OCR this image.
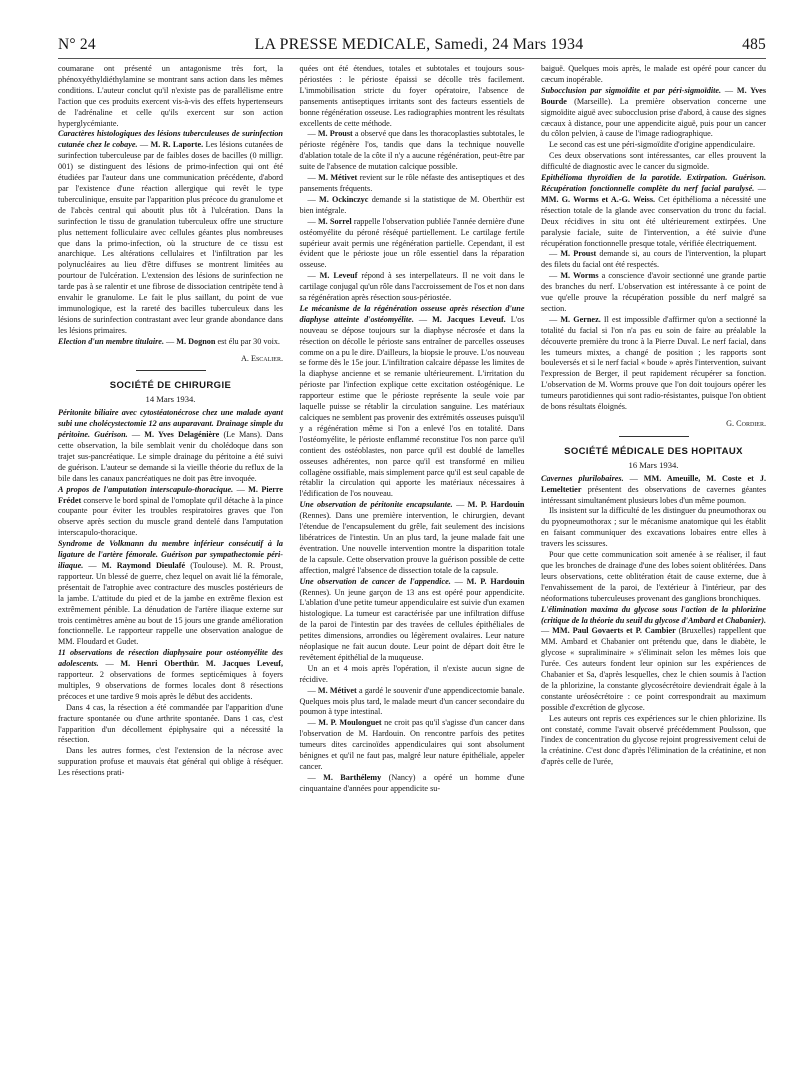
N° 24	LA PRESSE MEDICALE, Samedi, 24 Mars 1934	485

coumarane ont présenté un antagonisme très fort, la phénoxyéthyldiéthylamine se montrant sans action dans les mêmes conditions. L'auteur conclut qu'il n'existe pas de parallélisme entre l'action que ces produits exercent vis-à-vis des effets hypertenseurs de l'adrénaline et celle qu'ils exercent sur son action hyperglycémiante.

Caractères histologiques des lésions tuberculeuses de surinfection cutanée chez le cobaye. — M. R. Laporte. Les lésions cutanées de surinfection tuberculeuse par de faibles doses de bacilles (0 milligr. 001) se distinguent des lésions de primo-infection qui ont été étudiées par l'auteur dans une communication précédente, d'abord par l'existence d'une réaction allergique qui revêt le type tuberculinique, ensuite par l'apparition plus précoce du granulome et de l'abcès central qui aboutit plus tôt à l'ulcération. Dans la surinfection le tissu de granulation tuberculeux offre une structure plus nettement folliculaire avec cellules géantes plus nombreuses que dans la primo-infection, où la structure de ce tissu est anarchique. Les altérations cellulaires et l'infiltration par les polynucléaires au lieu d'être diffuses se montrent limitées au pourtour de l'ulcération. L'extension des lésions de surinfection ne tarde pas à se ralentir et une fibrose de dissociation centripète tend à envahir le granulome. Le fait le plus saillant, du point de vue immunologique, est la rareté des bacilles tuberculeux dans les lésions de surinfection contrastant avec leur grande abondance dans les lésions primaires.

Election d'un membre titulaire. — M. Dognon est élu par 30 voix.

A. Escalier.

SOCIÉTÉ DE CHIRURGIE
14 Mars 1934.

Péritonite biliaire avec cytostéatonécrose chez une malade ayant subi une cholécystectomie 12 ans auparavant. Drainage simple du péritoine. Guérison. — M. Yves Delagénière (Le Mans). Dans cette observation, la bile semblait venir du cholédoque dans son trajet sus-pancréatique. Le simple drainage du péritoine a été suivi de guérison. L'auteur se demande si la vieille théorie du reflux de la bile dans les canaux pancréatiques ne doit pas être invoquée.

A propos de l'amputation interscapulo-thoracique. — M. Pierre Frédet conserve le bord spinal de l'omoplate qu'il détache à la pince coupante pour éviter les troubles respiratoires graves que l'on observe après section du muscle grand dentelé dans l'amputation interscapulo-thoracique.

Syndrome de Volkmann du membre inférieur consécutif à la ligature de l'artère fémorale. Guérison par sympathectomie péri-iliaque. — M. Raymond Dieulafé (Toulouse). M. R. Proust, rapporteur. Un blessé de guerre, chez lequel on avait lié la fémorale, présentait de l'atrophie avec contracture des muscles postérieurs de la jambe. L'attitude du pied et de la jambe en extrême flexion est extrêmement pénible. La dénudation de l'artère iliaque externe sur trois centimètres amène au bout de 15 jours une grande amélioration fonctionnelle. Le rapporteur rappelle une observation analogue de MM. Floudard et Gudet.

11 observations de résection diaphysaire pour ostéomyélite des adolescents. — M. Henri Oberthür. M. Jacques Leveuf, rapporteur. 2 observations de formes septicémiques à foyers multiples, 9 observations de formes locales dont 8 résections précoces et une tardive 9 mois après le début des accidents.

Dans 4 cas, la résection a été commandée par l'apparition d'une fracture spontanée ou d'une arthrite spontanée. Dans 1 cas, c'est l'apparition d'un décollement épiphysaire qui a nécessité la résection.

Dans les autres formes, c'est l'extension de la nécrose avec suppuration profuse et mauvais état général qui oblige à réséquer. Les résections prati-

quées ont été étendues, totales et subtotales et toujours sous-périostées : le périoste épaissi se décolle très facilement. L'immobilisation stricte du foyer opératoire, l'absence de pansements antiseptiques irritants sont des facteurs essentiels de bonne régénération osseuse. Les radiographies montrent les résultats excellents de cette méthode.

— M. Proust a observé que dans les thoracoplasties subtotales, le périoste régénère l'os, tandis que dans la technique nouvelle d'ablation totale de la côte il n'y a aucune régénération, peut-être par suite de l'absence de mutation calcique possible.

— M. Métivet revient sur le rôle néfaste des antiseptiques et des pansements fréquents.

— M. Ockinczyc demande si la statistique de M. Oberthür est bien intégrale.

— M. Sorrel rappelle l'observation publiée l'année dernière d'une ostéomyélite du péroné réséqué partiellement. Le cartilage fertile supérieur avait permis une régénération partielle. Cependant, il est évident que le périoste joue un rôle essentiel dans la réparation osseuse.

— M. Leveuf répond à ses interpellateurs. Il ne voit dans le cartilage conjugal qu'un rôle dans l'accroissement de l'os et non dans sa régénération après résection sous-périostée.

Le mécanisme de la régénération osseuse après résection d'une diaphyse atteinte d'ostéomyélite. — M. Jacques Leveuf. L'os nouveau se dépose toujours sur la diaphyse nécrosée et dans la résection on décolle le périoste sans entraîner de parcelles osseuses comme on a pu le dire. D'ailleurs, la biopsie le prouve. L'os nouveau se forme dès le 15e jour. L'infiltration calcaire dépasse les limites de la diaphyse ancienne et se remanie ultérieurement. L'irritation du périoste par l'infection explique cette excitation ostéogénique. Le rapporteur estime que le périoste représente la seule voie par laquelle puisse se rétablir la circulation sanguine. Les matériaux calciques ne semblent pas provenir des extrémités osseuses puisqu'il y a régénération même si l'on a enlevé l'os en totalité. Dans l'ostéomyélite, le périoste enflammé reconstitue l'os non parce qu'il contient des ostéoblastes, non parce qu'il est doublé de lamelles osseuses adhérentes, non parce qu'il est transformé en milieu collagène ossifiable, mais simplement parce qu'il est seul capable de rétablir la circulation qui apporte les matériaux nécessaires à l'édification de l'os nouveau.

Une observation de péritonite encapsulante. — M. P. Hardouin (Rennes). Dans une première intervention, le chirurgien, devant l'étendue de l'encapsulement du grêle, fait seulement des incisions libératrices de l'intestin. Un an plus tard, la jeune malade fait une éventration. Une nouvelle intervention montre la disparition totale de la capsule. Cette observation prouve la guérison possible de cette affection, malgré l'absence de dissection totale de la capsule.

Une observation de cancer de l'appendice. — M. P. Hardouin (Rennes). Un jeune garçon de 13 ans est opéré pour appendicite. L'ablation d'une petite tumeur appendiculaire est suivie d'un examen histologique. La tumeur est caractérisée par une infiltration diffuse de la paroi de l'intestin par des travées de cellules épithéliales de petites dimensions, arrondies ou légèrement ovalaires. Leur nature néoplasique ne fait aucun doute. Leur point de départ doit être le revêtement épithélial de la muqueuse.

Un an et 4 mois après l'opération, il n'existe aucun signe de récidive.

— M. Métivet a gardé le souvenir d'une appendicectomie banale. Quelques mois plus tard, le malade meurt d'un cancer secondaire du poumon à type intestinal.

— M. P. Moulonguet ne croit pas qu'il s'agisse d'un cancer dans l'observation de M. Hardouin. On rencontre parfois des petites tumeurs dites carcinoïdes appendiculaires qui sont absolument bénignes et qu'il ne faut pas, malgré leur nature épithéliale, appeler cancer.

— M. Barthélemy (Nancy) a opéré un homme d'une cinquantaine d'années pour appendicite su-

baiguë. Quelques mois après, le malade est opéré pour cancer du cæcum inopérable.

Subocclusion par sigmoïdite et par péri-sigmoïdite. — M. Yves Bourde (Marseille). La première observation concerne une sigmoïdite aiguë avec subocclusion prise d'abord, à cause des signes cæcaux à distance, pour une appendicite aiguë, puis pour un cancer du côlon pelvien, à cause de l'image radiographique.

Le second cas est une péri-sigmoïdite d'origine appendiculaire.

Ces deux observations sont intéressantes, car elles prouvent la difficulté de diagnostic avec le cancer du sigmoïde.

Epithélioma thyroïdien de la parotide. Extirpation. Guérison. Récupération fonctionnelle complète du nerf facial paralysé. — MM. G. Worms et A.-G. Weiss. Cet épithélioma a nécessité une résection totale de la glande avec conservation du tronc du facial. Deux récidives in situ ont été ultérieurement extirpées. Une paralysie faciale, suite de l'intervention, a été suivie d'une récupération fonctionnelle presque totale, vérifiée électriquement.

— M. Proust demande si, au cours de l'intervention, la plupart des filets du facial ont été respectés.

— M. Worms a conscience d'avoir sectionné une grande partie des branches du nerf. L'observation est intéressante à ce point de vue qu'elle prouve la récupération possible du nerf malgré sa section.

— M. Gernez. Il est impossible d'affirmer qu'on a sectionné la totalité du facial si l'on n'a pas eu soin de faire au préalable la découverte première du tronc à la Pierre Duval. Le nerf facial, dans les tumeurs mixtes, a changé de position ; les rapports sont bouleversés et si le nerf facial « boude » après l'intervention, suivant l'expression de Berger, il peut rapidement récupérer sa fonction. L'observation de M. Worms prouve que l'on doit toujours opérer les tumeurs parotidiennes qui sont radio-résistantes, puisque l'on obtient de bons résultats éloignés.

G. Cordier.

SOCIÉTÉ MÉDICALE DES HOPITAUX
16 Mars 1934.

Cavernes plurilobaires. — MM. Ameuille, M. Coste et J. Lemeltetier présentent des observations de cavernes géantes intéressant simultanément plusieurs lobes d'un même poumon.

Ils insistent sur la difficulté de les distinguer du pneumothorax ou du pyopneumothorax ; sur le mécanisme anatomique qui les établit en faisant communiquer des excavations lobaires entre elles à travers les scissures.

Pour que cette communication soit amenée à se réaliser, il faut que les bronches de drainage d'une des lobes soient oblitérées. Dans leurs observations, cette oblitération était de cause externe, due à l'envahissement de la paroi, de l'extérieur à l'intérieur, par des néoformations tuberculeuses provenant des ganglions bronchiques.

L'élimination maxima du glycose sous l'action de la phlorizine (critique de la théorie du seuil du glycose d'Ambard et Chabanier). — MM. Paul Govaerts et P. Cambier (Bruxelles) rappellent que MM. Ambard et Chabanier ont prétendu que, dans le diabète, le glycose « supraliminaire » s'éliminait selon les mêmes lois que l'urée. Ces auteurs fondent leur opinion sur les expériences de Chabanier et Sa, d'après lesquelles, chez le chien soumis à l'action de la phlorizine, la constante glycosécrétoire deviendrait égale à la constante uréosécrétoire : ce point correspondrait au maximum possible d'excrétion de glycose.

Les auteurs ont repris ces expériences sur le chien phlorizine. Ils ont constaté, comme l'avait observé précédemment Poulsson, que l'index de concentration du glycose rejoint progressivement celui de la créatinine. C'est donc d'après l'élimination de la créatinine, et non d'après celle de l'urée,
